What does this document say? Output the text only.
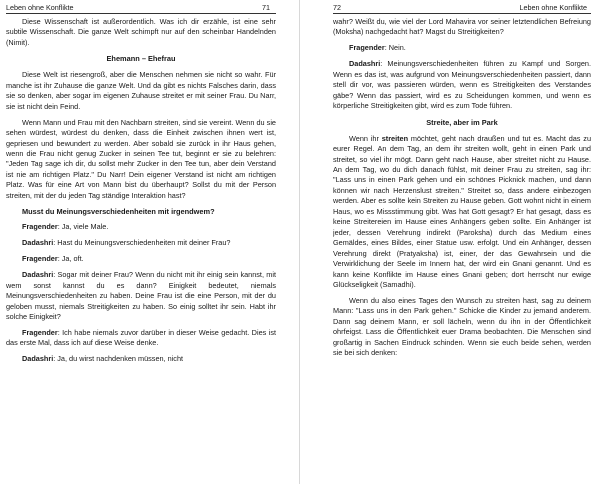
Leben ohne Konflikte	71

Diese Wissenschaft ist außerordentlich. Was ich dir erzähle, ist eine sehr subtile Wissenschaft. Die ganze Welt schimpft nur auf den scheinbar Handelnden (Nimit).

Ehemann – Ehefrau

Diese Welt ist riesengroß, aber die Menschen nehmen sie nicht so wahr. Für manche ist ihr Zuhause die ganze Welt. Und da gibt es nichts Falsches darin, dass sie so denken, aber sogar im eigenen Zuhause streitet er mit seiner Frau. Du Narr, sie ist nicht dein Feind.

Wenn Mann und Frau mit den Nachbarn streiten, sind sie vereint. Wenn du sie sehen würdest, würdest du denken, dass die Einheit zwischen ihnen wert ist, gepriesen und bewundert zu werden. Aber sobald sie zurück in ihr Haus gehen, wenn die Frau nicht genug Zucker in seinen Tee tut, beginnt er sie zu belehren: "Jeden Tag sage ich dir, du sollst mehr Zucker in den Tee tun, aber dein Verstand ist nie am richtigen Platz." Du Narr! Dein eigener Verstand ist nicht am richtigen Platz. Was für eine Art von Mann bist du überhaupt? Sollst du mit der Person streiten, mit der du jeden Tag ständige Interaktion hast?

Musst du Meinungsverschiedenheiten mit irgendwem?

Fragender: Ja, viele Male.

Dadashri: Hast du Meinungsverschiedenheiten mit deiner Frau?

Fragender: Ja, oft.

Dadashri: Sogar mit deiner Frau? Wenn du nicht mit ihr einig sein kannst, mit wem sonst kannst du es dann? Einigkeit bedeutet, niemals Meinungsverschiedenheiten zu haben. Deine Frau ist die eine Person, mit der du geloben musst, niemals Streitigkeiten zu haben. So einig solltet ihr sein. Habt ihr solche Einigkeit?

Fragender: Ich habe niemals zuvor darüber in dieser Weise gedacht. Dies ist das erste Mal, dass ich auf diese Weise denke.

Dadashri: Ja, du wirst nachdenken müssen, nicht

72	Leben ohne Konflikte

wahr? Weißt du, wie viel der Lord Mahavira vor seiner letztendlichen Befreiung (Moksha) nachgedacht hat? Magst du Streitigkeiten?

Fragender: Nein.

Dadashri: Meinungsverschiedenheiten führen zu Kampf und Sorgen. Wenn es das ist, was aufgrund von Meinungsverschiedenheiten passiert, dann stell dir vor, was passieren würden, wenn es Streitigkeiten des Verstandes gäbe? Wenn das passiert, wird es zu Scheidungen kommen, und wenn es körperliche Streitigkeiten gibt, wird es zum Tode führen.

Streite, aber im Park

Wenn ihr streiten möchtet, geht nach draußen und tut es. Macht das zu eurer Regel. An dem Tag, an dem ihr streiten wollt, geht in einen Park und streitet, so viel ihr mögt. Dann geht nach Hause, aber streitet nicht zu Hause. An dem Tag, wo du dich danach fühlst, mit deiner Frau zu streiten, sag ihr: "Lass uns in einen Park gehen und ein schönes Picknick machen, und dann können wir nach Herzenslust streiten." Streitet so, dass andere einbezogen werden. Aber es sollte kein Streiten zu Hause geben. Gott wohnt nicht in einem Haus, wo es Missstimmung gibt. Was hat Gott gesagt? Er hat gesagt, dass es keine Streitereien im Hause eines Anhängers geben sollte. Ein Anhänger ist jeder, dessen Verehrung indirekt (Paroksha) durch das Medium eines Gemäldes, eines Bildes, einer Statue usw. erfolgt. Und ein Anhänger, dessen Verehrung direkt (Pratyaksha) ist, einer, der das Gewahrsein und die Verwirklichung der Seele im Innern hat, der wird ein Gnani genannt. Und es kann keine Konflikte im Hause eines Gnani geben; dort herrscht nur ewige Glückseligkeit (Samadhi).

Wenn du also eines Tages den Wunsch zu streiten hast, sag zu deinem Mann: "Lass uns in den Park gehen." Schicke die Kinder zu jemand anderem. Dann sag deinem Mann, er soll lächeln, wenn du ihn in der Öffentlichkeit ohrfeigst. Lass die Öffentlichkeit euer Drama beobachten. Die Menschen sind großartig in Sachen Eindruck schinden. Wenn sie euch beide sehen, werden sie bei sich denken:
